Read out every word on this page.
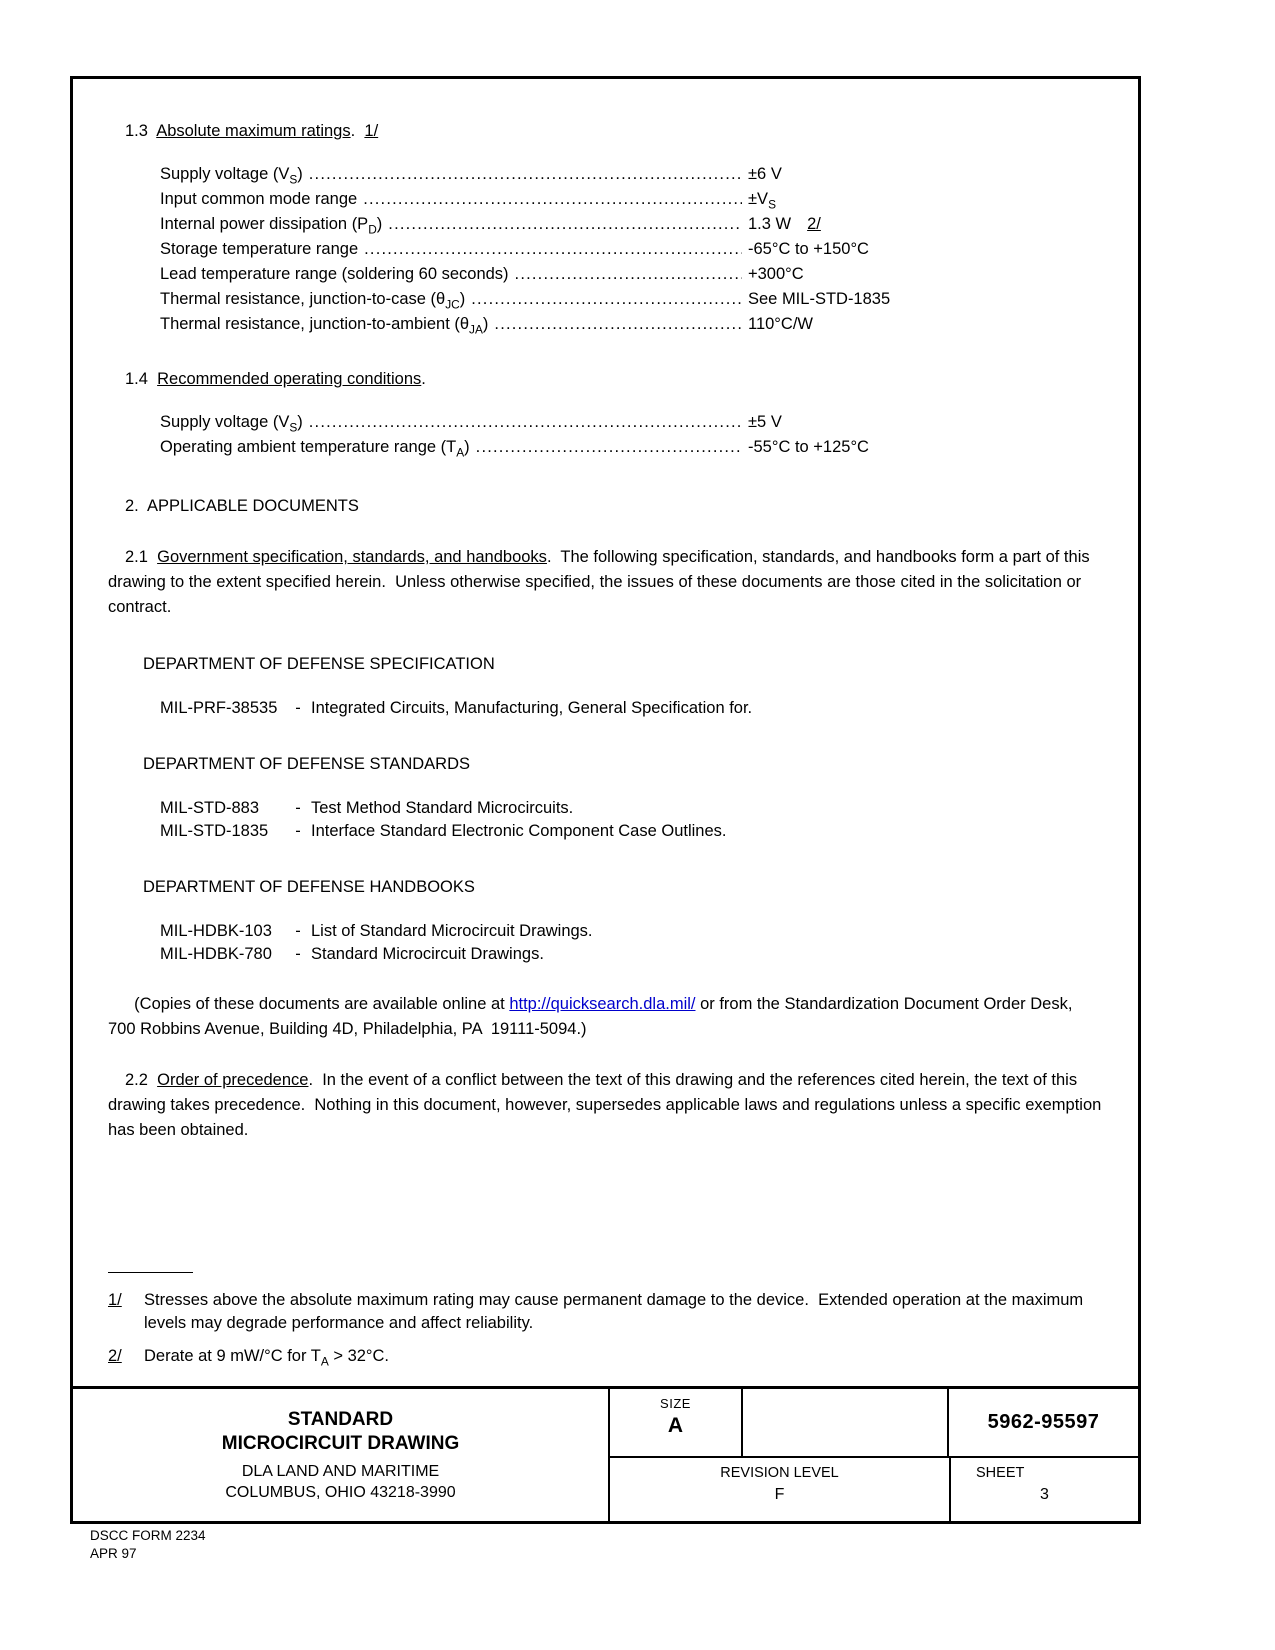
1.3  Absolute maximum ratings.  1/

Supply voltage $(V_S)$ .....	±6 V
Input common mode range .....	$\pm V_S$
Internal power dissipation $(P_D)$ .....	1.3 W 2/
Storage temperature range .....	-65°C to +150°C
Lead temperature range (soldering 60 seconds) .....	+300°C
Thermal resistance, junction-to-case $(\theta_{JC})$ .....	See MIL-STD-1835
Thermal resistance, junction-to-ambient $(\theta_{JA})$ .....	110°C/W

1.4  Recommended operating conditions.

Supply voltage $(V_S)$ .....	±5 V
Operating ambient temperature range $(T_A)$ .....	-55°C to +125°C

2.  APPLICABLE DOCUMENTS

2.1  Government specification, standards, and handbooks.  The following specification, standards, and handbooks form a part of this drawing to the extent specified herein.  Unless otherwise specified, the issues of these documents are those cited in the solicitation or contract.

DEPARTMENT OF DEFENSE SPECIFICATION

MIL-PRF-38535	- Integrated Circuits, Manufacturing, General Specification for.

DEPARTMENT OF DEFENSE STANDARDS

MIL-STD-883	- Test Method Standard Microcircuits.
MIL-STD-1835	- Interface Standard Electronic Component Case Outlines.

DEPARTMENT OF DEFENSE HANDBOOKS

MIL-HDBK-103	- List of Standard Microcircuit Drawings.
MIL-HDBK-780	- Standard Microcircuit Drawings.

(Copies of these documents are available online at http://quicksearch.dla.mil/ or from the Standardization Document Order Desk, 700 Robbins Avenue, Building 4D, Philadelphia, PA  19111-5094.)

2.2  Order of precedence.  In the event of a conflict between the text of this drawing and the references cited herein, the text of this drawing takes precedence.  Nothing in this document, however, supersedes applicable laws and regulations unless a specific exemption has been obtained.

1/	Stresses above the absolute maximum rating may cause permanent damage to the device.  Extended operation at the maximum levels may degrade performance and affect reliability.
2/	Derate at 9 mW/°C for $T_A > 32^\circ C$.
STANDARD
MICROCIRCUIT DRAWING
DLA LAND AND MARITIME
COLUMBUS, OHIO 43218-3990
SIZE
A	5962-95597
REVISION LEVEL
F
SHEET
3
DSCC FORM 2234
APR 97
